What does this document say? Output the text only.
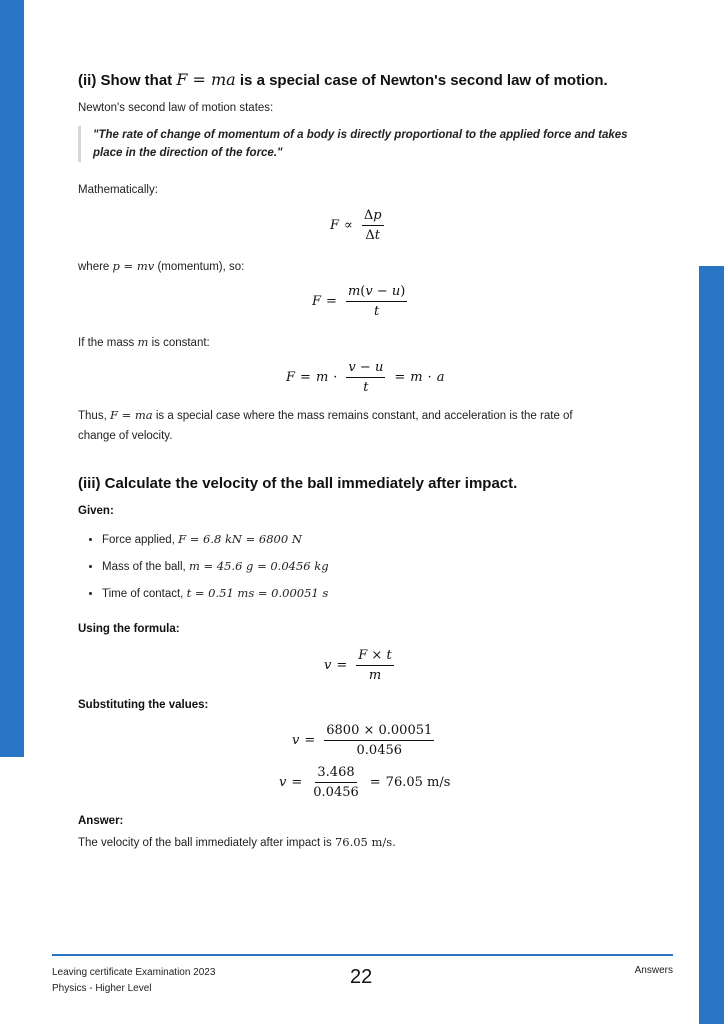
(ii) Show that F = ma is a special case of Newton's second law of motion.
Newton's second law of motion states:
"The rate of change of momentum of a body is directly proportional to the applied force and takes place in the direction of the force."
Mathematically:
$F \propto \frac{\Delta p}{\Delta t}$
where p = mv (momentum), so:
$F = \frac{m(v - u)}{t}$
If the mass m is constant:
$F = m \cdot \frac{v - u}{t} = m \cdot a$
Thus, F = ma is a special case where the mass remains constant, and acceleration is the rate of
change of velocity.
(iii) Calculate the velocity of the ball immediately after impact.
Given:
• Force applied, F = 6.8 kN = 6800 N
• Mass of the ball, m = 45.6 g = 0.0456 kg
• Time of contact, t = 0.51 ms = 0.00051 s
Using the formula:
$v = \frac{F \times t}{m}$
Substituting the values:
$v = \frac{6800 \times 0.00051}{0.0456}$
$v = \frac{3.468}{0.0456} = 76.05$ m/s
Answer:
The velocity of the ball immediately after impact is 76.05 m/s.
Leaving certificate Examination 2023
Physics - Higher Level
22	Answers
